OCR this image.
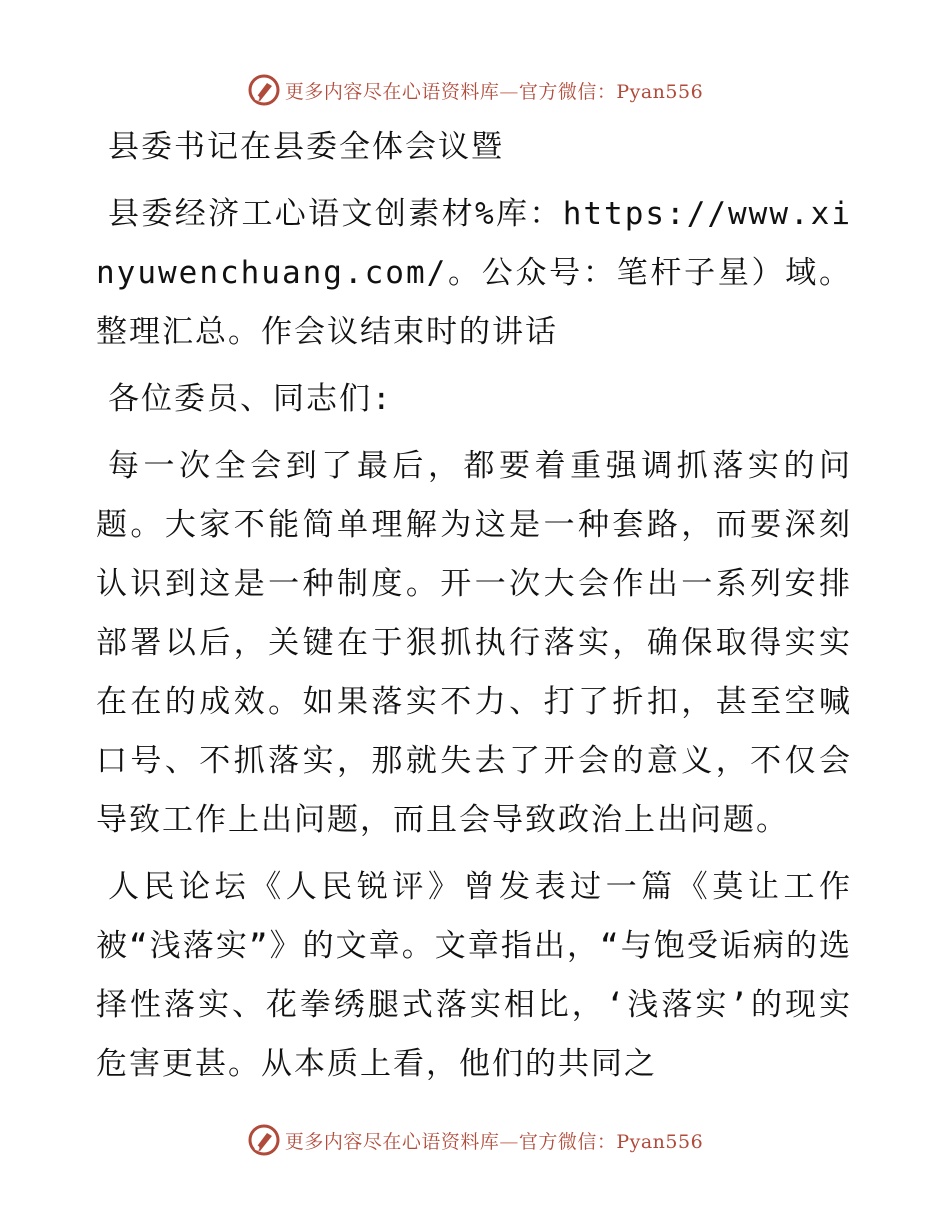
更多内容尽在心语资料库—官方微信：Pyan556

县委书记在县委全体会议暨

县委经济工心语文创素材%库：https://www.xinyuwenchuang.com/。公众号：笔杆子星）域。整理汇总。作会议结束时的讲话

各位委员、同志们:

每一次全会到了最后，都要着重强调抓落实的问题。大家不能简单理解为这是一种套路，而要深刻认识到这是一种制度。开一次大会作出一系列安排部署以后，关键在于狠抓执行落实，确保取得实实在在的成效。如果落实不力、打了折扣，甚至空喊口号、不抓落实，那就失去了开会的意义，不仅会导致工作上出问题，而且会导致政治上出问题。

人民论坛《人民锐评》曾发表过一篇《莫让工作被“浅落实”》的文章。文章指出，“与饱受诟病的选择性落实、花拳绣腿式落实相比，‘浅落实’的现实危害更甚。从本质上看，他们的共同之

更多内容尽在心语资料库—官方微信：Pyan556
